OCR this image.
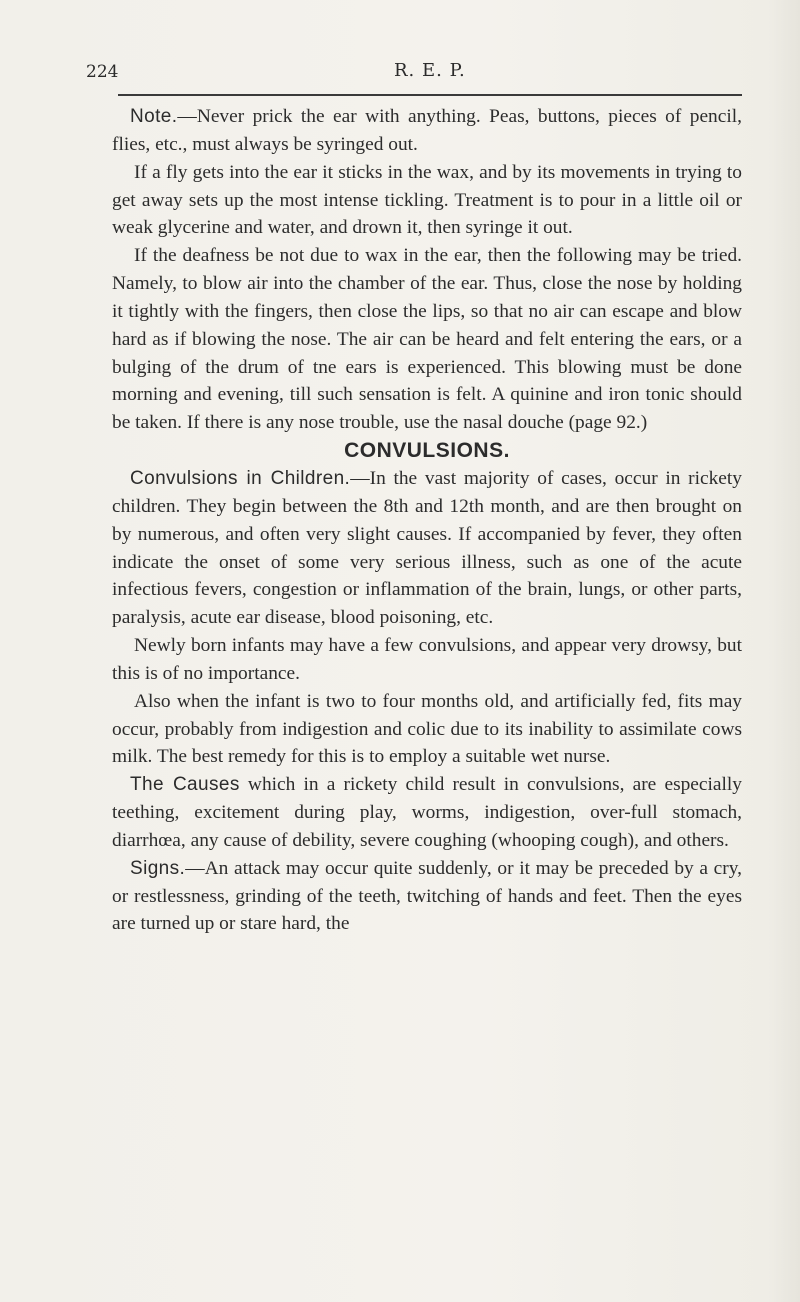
224	R. E. P.

Note.—Never prick the ear with anything. Peas, buttons, pieces of pencil, flies, etc., must always be syringed out.

If a fly gets into the ear it sticks in the wax, and by its movements in trying to get away sets up the most intense tickling. Treatment is to pour in a little oil or weak glycerine and water, and drown it, then syringe it out.

If the deafness be not due to wax in the ear, then the following may be tried. Namely, to blow air into the chamber of the ear. Thus, close the nose by holding it tightly with the fingers, then close the lips, so that no air can escape and blow hard as if blowing the nose. The air can be heard and felt entering the ears, or a bulging of the drum of tne ears is experienced. This blowing must be done morning and evening, till such sensation is felt. A quinine and iron tonic should be taken. If there is any nose trouble, use the nasal douche (page 92.)

CONVULSIONS.

Convulsions in Children.—In the vast majority of cases, occur in rickety children. They begin between the 8th and 12th month, and are then brought on by numerous, and often very slight causes. If accompanied by fever, they often indicate the onset of some very serious illness, such as one of the acute infectious fevers, congestion or inflammation of the brain, lungs, or other parts, paralysis, acute ear disease, blood poisoning, etc.

Newly born infants may have a few convulsions, and appear very drowsy, but this is of no importance.

Also when the infant is two to four months old, and artificially fed, fits may occur, probably from indigestion and colic due to its inability to assimilate cows milk. The best remedy for this is to employ a suitable wet nurse.

The Causes which in a rickety child result in convulsions, are especially teething, excitement during play, worms, indigestion, over-full stomach, diarrhœa, any cause of debility, severe coughing (whooping cough), and others.

Signs.—An attack may occur quite suddenly, or it may be preceded by a cry, or restlessness, grinding of the teeth, twitching of hands and feet. Then the eyes are turned up or stare hard, the
